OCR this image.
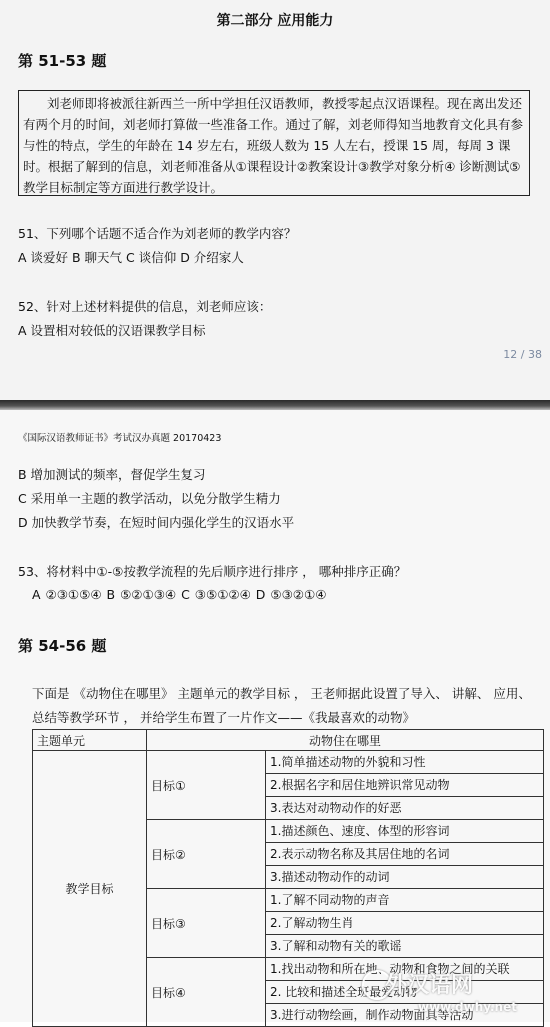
第二部分 应用能力
第 51-53 题
刘老师即将被派往新西兰一所中学担任汉语教师，教授零起点汉语课程。现在离出发还有两个月的时间，刘老师打算做一些准备工作。通过了解，刘老师得知当地教育文化具有参与性的特点，学生的年龄在 14 岁左右，班级人数为 15 人左右，授课 15 周，每周 3 课时。根据了解到的信息，刘老师准备从①课程设计②教案设计③教学对象分析④ 诊断测试⑤教学目标制定等方面进行教学设计。
51、下列哪个话题不适合作为刘老师的教学内容？
A 谈爱好 B 聊天气 C 谈信仰 D 介绍家人
52、针对上述材料提供的信息，刘老师应该：
A 设置相对较低的汉语课教学目标
12 / 38
《国际汉语教师证书》考试汉办真题 20170423
B 增加测试的频率，督促学生复习
C 采用单一主题的教学活动，以免分散学生精力
D 加快教学节奏，在短时间内强化学生的汉语水平
53、将材料中①-⑤按教学流程的先后顺序进行排序 ， 哪种排序正确？
A ②③①⑤④ B ⑤②①③④ C ③⑤①②④ D ⑤③②①④
第 54-56 题
下面是 《动物住在哪里》 主题单元的教学目标 ， 王老师据此设置了导入、 讲解、 应用、 总结等教学环节 ， 并给学生布置了一片作文——《我最喜欢的动物》
主题单元	动物住在哪里	
教学目标	目标①	1.简单描述动物的外貌和习性
2.根据名字和居住地辨识常见动物
3.表达对动物动作的好恶

	目标②	1.描述颜色、速度、体型的形容词
2.表示动物名称及其居住地的名词
3.描述动物动作的动词

	目标③	1.了解不同动物的声音
2.了解动物生肖
3.了解和动物有关的歌谣

	目标④	1.找出动物和所在地、动物和食物之间的关联
2. 比较和描述全班最爱动物
3.进行动物绘画，制作动物面具等活动
外汉语网
www.dwhy.net
